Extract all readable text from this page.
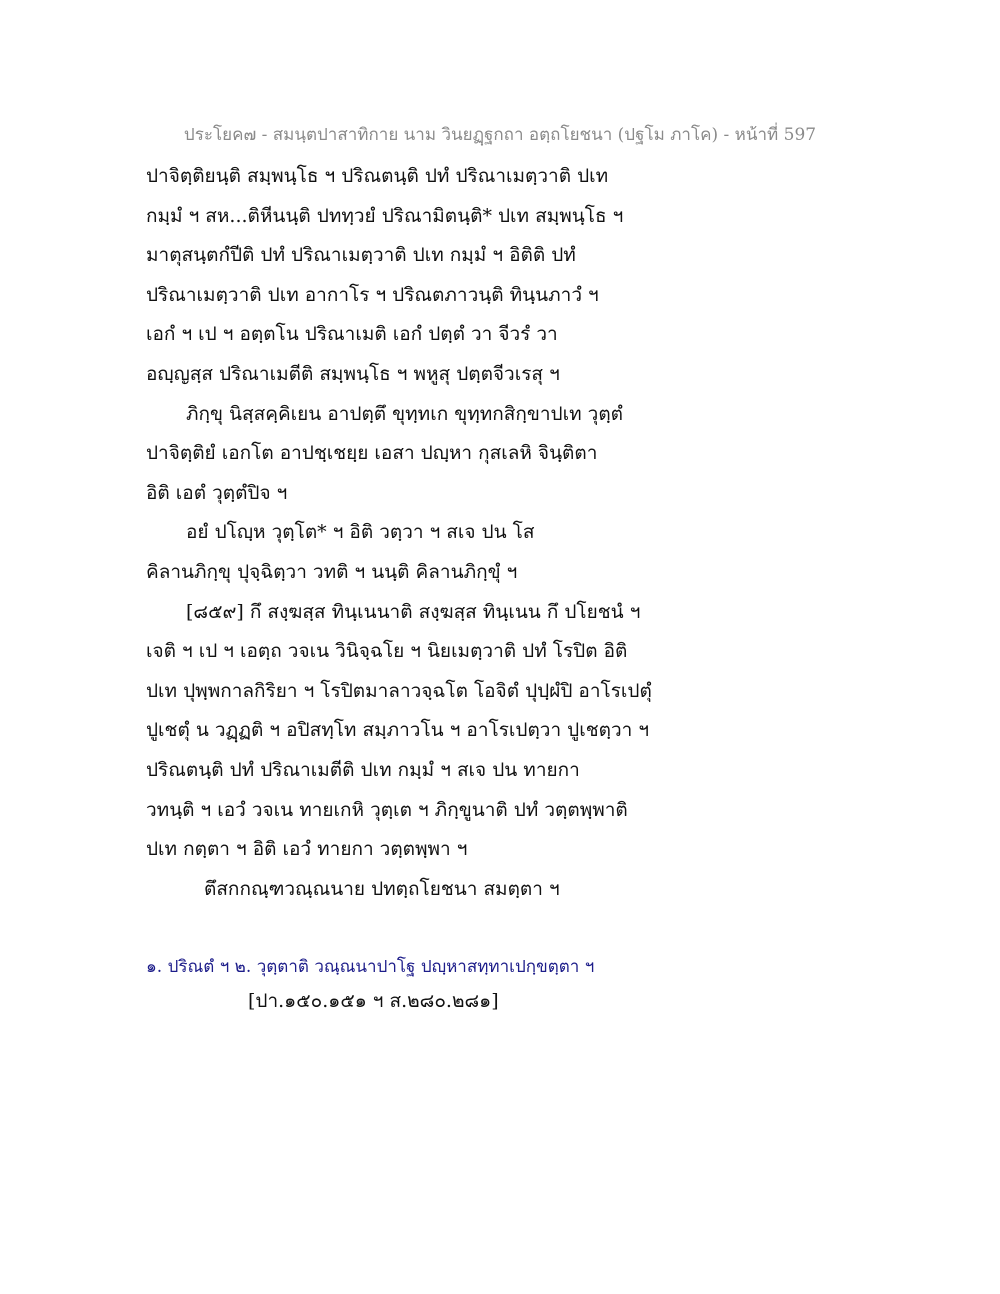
ประโยค๗ - สมนฺตปาสาทิกาย นาม วินยฏฺฐกถา อตฺถโยชนา (ปฐโม ภาโค) - หน้าที่ 597

ปาจิตฺติยนฺติ สมฺพนฺโธ ฯ ปริณตนฺติ ปทํ ปริณาเมตฺวาติ ปเท

กมฺมํ ฯ สห...ติหีนนฺติ ปททฺวยํ ปริณามิตนฺติ* ปเท สมฺพนฺโธ ฯ

มาตุสนฺตกํปีติ ปทํ ปริณาเมตฺวาติ ปเท กมฺมํ ฯ อิติติ ปทํ

ปริณาเมตฺวาติ ปเท อากาโร ฯ ปริณตภาวนฺติ ทินฺนภาวํ ฯ

เอกํ ฯ เป ฯ อตฺตโน ปริณาเมติ เอกํ ปตฺตํ วา จีวรํ วา

อญฺญสฺส ปริณาเมตีติ สมฺพนฺโธ ฯ พหูสุ ปตฺตจีวเรสุ ฯ

ภิกฺขุ นิสฺสคฺคิเยน อาปตฺตึ ขุทฺทเก ขุทฺทกสิกฺขาปเท วุตฺตํ

ปาจิตฺติยํ เอกโต อาปชฺเชยฺย เอสา ปญฺหา กุสเลหิ จินฺติตา

อิติ เอตํ วุตฺตํปิจ ฯ

อยํ ปโญฺห วุตฺโต* ฯ อิติ วตฺวา ฯ สเจ ปน โส

คิลานภิกฺขุ ปุจฺฉิตฺวา วทติ ฯ นนฺติ คิลานภิกฺขุํ ฯ

[๘๕๙] กึ สงฺฆสฺส ทินฺเนนาติ สงฺฆสฺส ทินฺเนน กึ ปโยชนํ ฯ

เจติ ฯ เป ฯ เอตฺถ วจเน วินิจฺฉโย ฯ นิยเมตฺวาติ ปทํ โรปิต อิติ

ปเท ปุพฺพกาลกิริยา ฯ โรปิตมาลาวจฺฉโต โอจิตํ ปุปฺผํปิ อาโรเปตุํ

ปูเชตุํ น วฏฺฏติ ฯ อปิสทฺโท สมฺภาวโน ฯ อาโรเปตฺวา ปูเชตฺวา ฯ

ปริณตนฺติ ปทํ ปริณาเมตีติ ปเท กมฺมํ ฯ สเจ ปน ทายกา

วทนฺติ ฯ เอวํ วจเน ทายเกหิ วุตฺเต ฯ ภิกฺขูนาติ ปทํ วตฺตพฺพาติ

ปเท กตฺตา ฯ อิติ เอวํ ทายกา วตฺตพฺพา ฯ

ตึสกกณฺฑวณฺณนาย ปทตฺถโยชนา สมตฺตา ฯ

๑. ปริณตํ ฯ ๒. วุตฺตาติ วณฺณนาปาโฐ ปญฺหาสทฺทาเปกฺขตฺตา ฯ

[ปา.๑๕๐.๑๕๑ ฯ ส.๒๘๐.๒๘๑]
